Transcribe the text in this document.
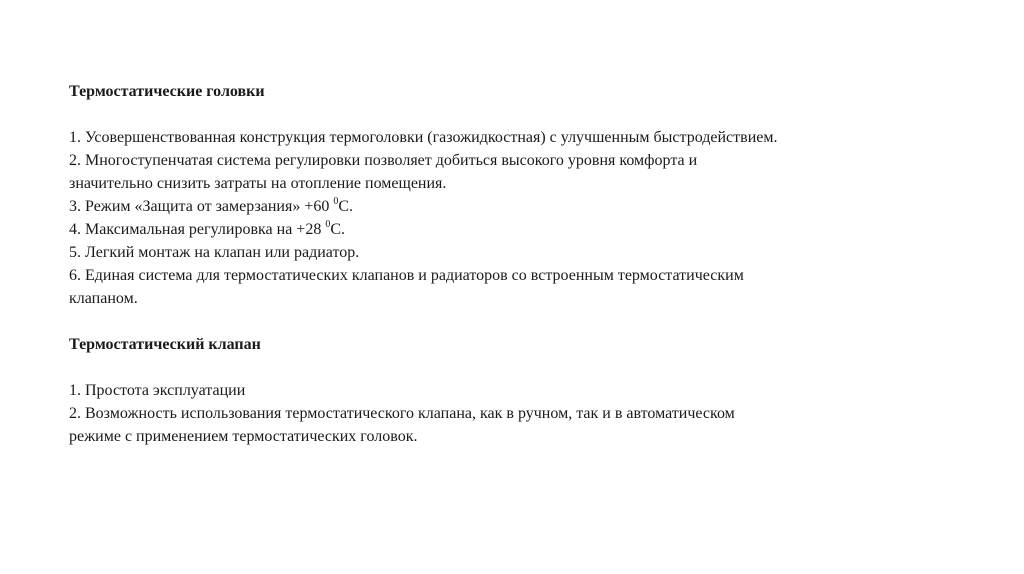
Термостатические головки

1. Усовершенствованная конструкция термоголовки (газожидкостная) с улучшенным быстродействием.

2. Многоступенчатая система регулировки позволяет добиться высокого уровня комфорта и

значительно снизить затраты на отопление помещения.

3. Режим «Защита от замерзания» +60 $^0$С.

4. Максимальная регулировка на +28 $^0$С.

5. Легкий монтаж на клапан или радиатор.

6. Единая система для термостатических клапанов и радиаторов со встроенным термостатическим

клапаном.

Термостатический клапан

1. Простота эксплуатации

2. Возможность использования термостатического клапана, как в ручном, так и в автоматическом

режиме с применением термостатических головок.
